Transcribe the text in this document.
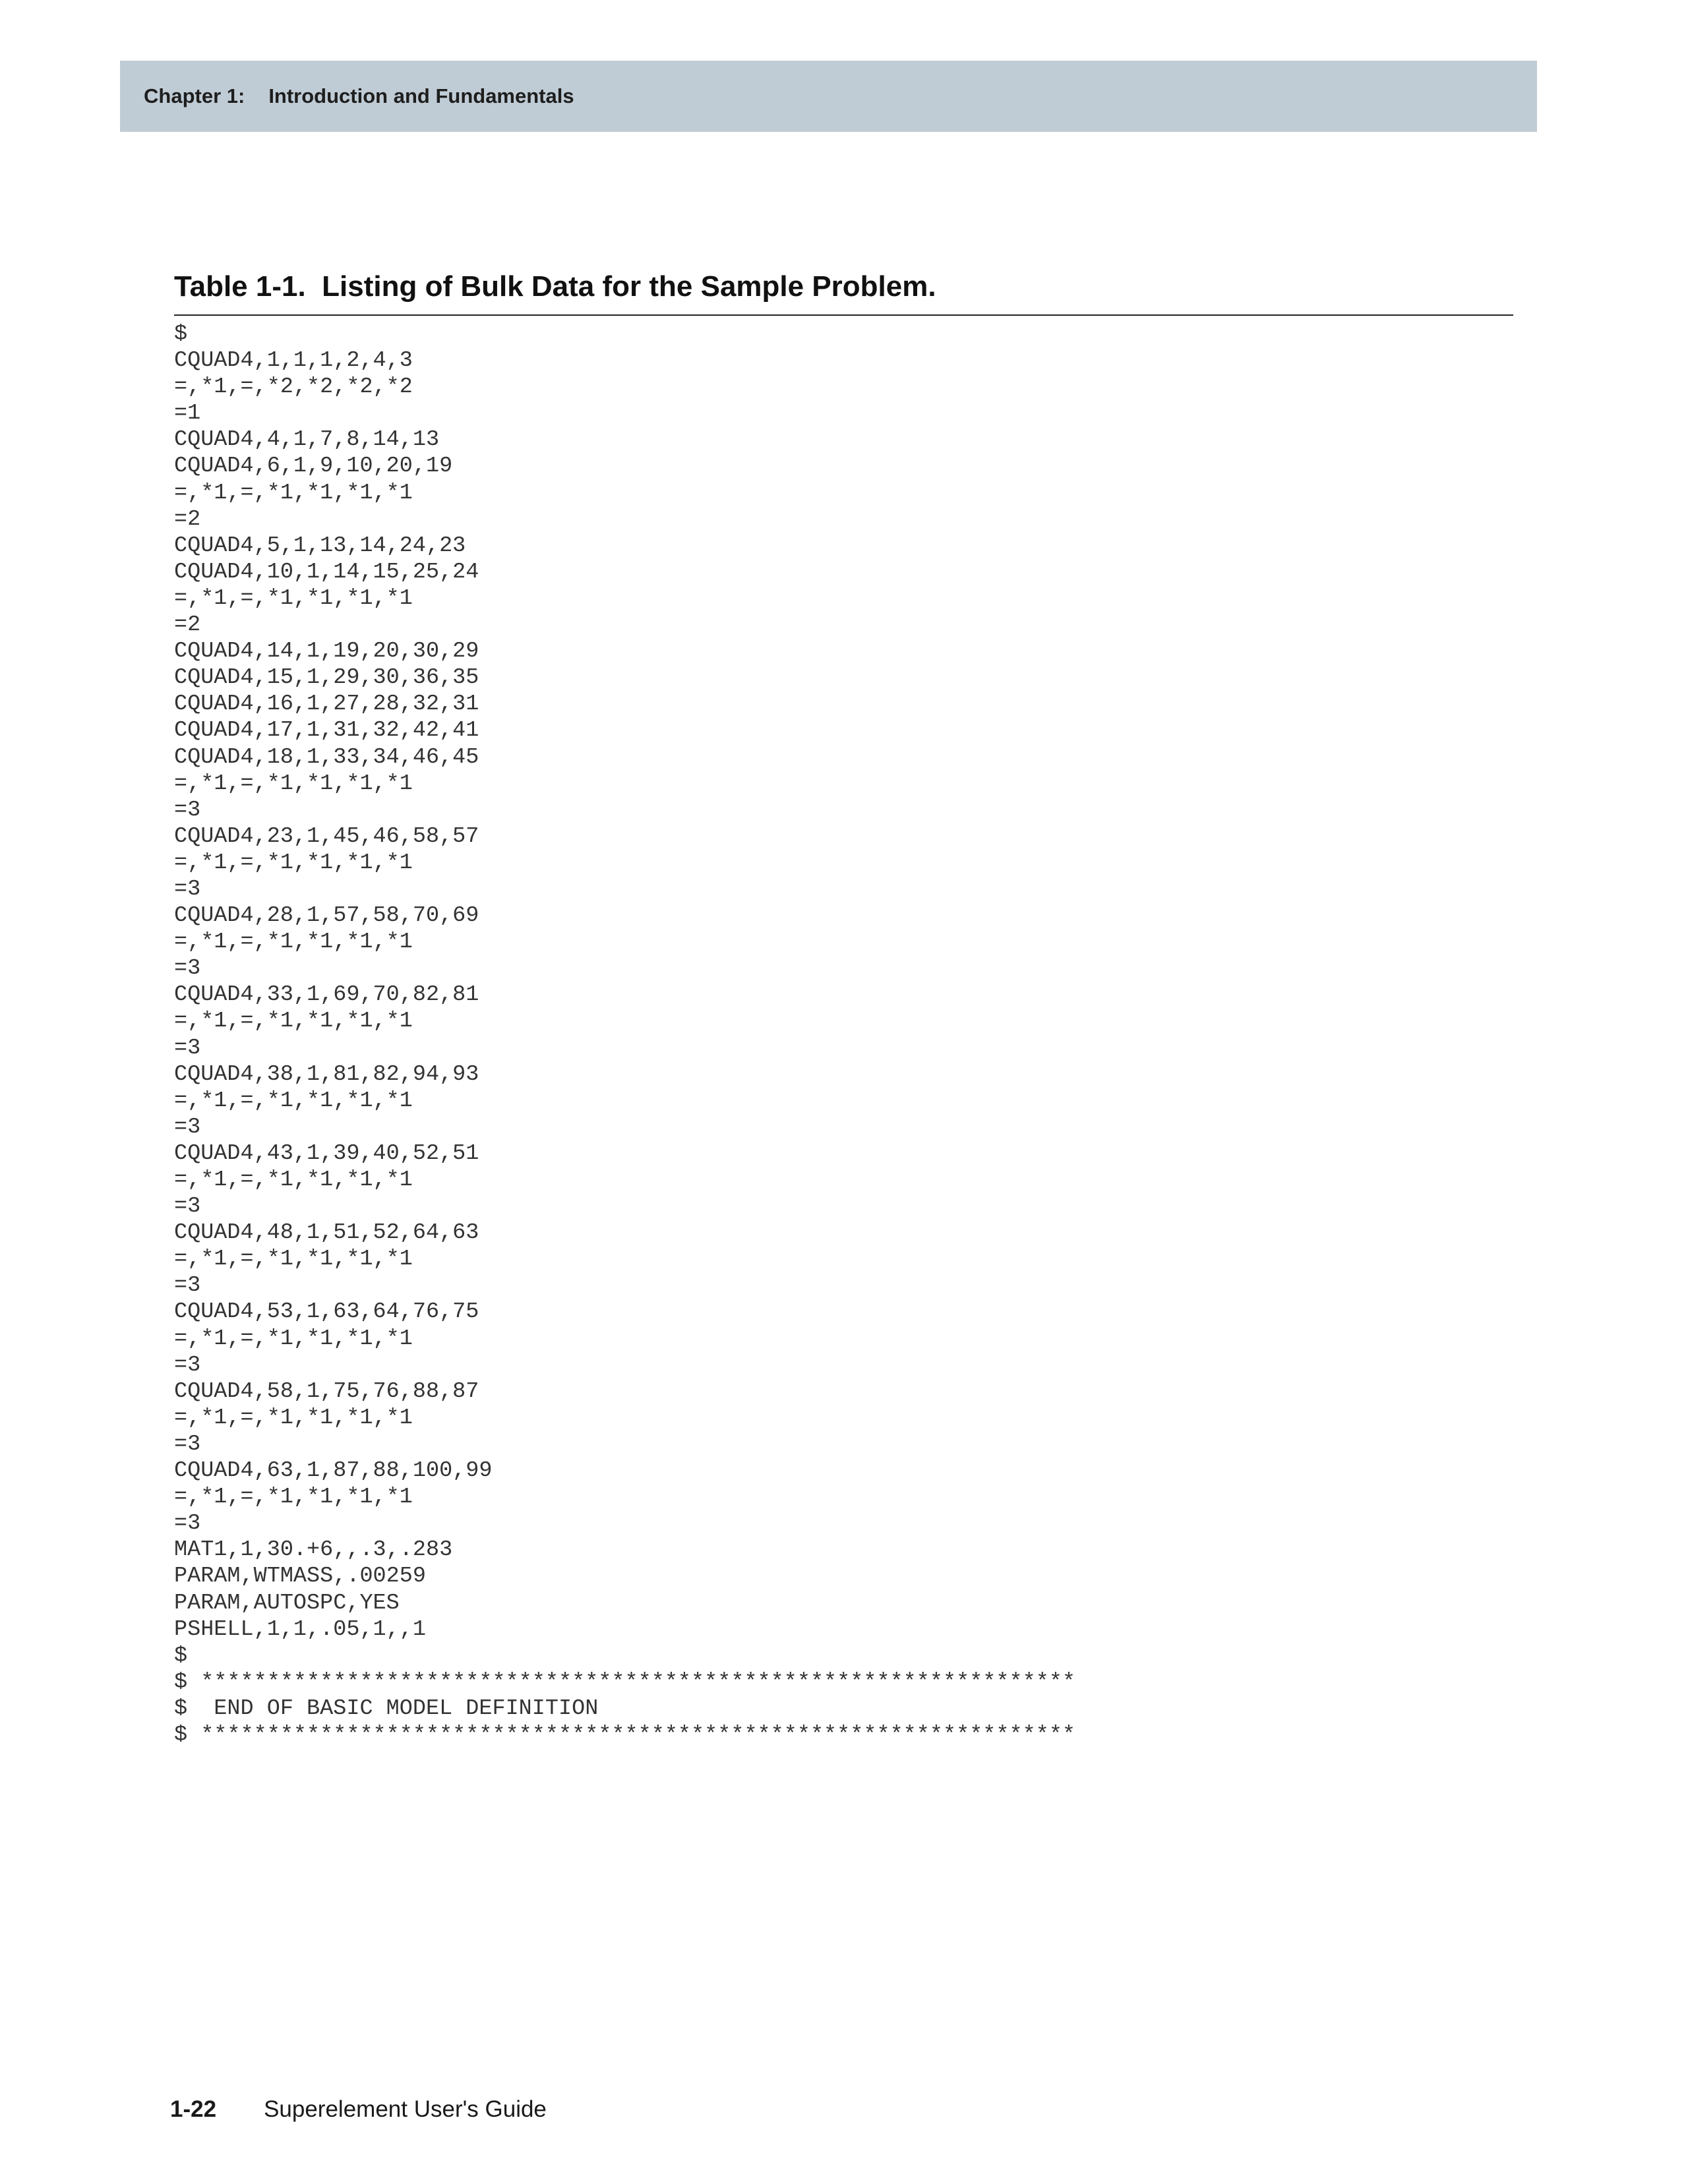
Chapter 1: Introduction and Fundamentals
Table 1-1.  Listing of Bulk Data for the Sample Problem.
$
CQUAD4,1,1,1,2,4,3
=,*1,=,*2,*2,*2,*2
=1
CQUAD4,4,1,7,8,14,13
CQUAD4,6,1,9,10,20,19
=,*1,=,*1,*1,*1,*1
=2
CQUAD4,5,1,13,14,24,23
CQUAD4,10,1,14,15,25,24
=,*1,=,*1,*1,*1,*1
=2
CQUAD4,14,1,19,20,30,29
CQUAD4,15,1,29,30,36,35
CQUAD4,16,1,27,28,32,31
CQUAD4,17,1,31,32,42,41
CQUAD4,18,1,33,34,46,45
=,*1,=,*1,*1,*1,*1
=3
CQUAD4,23,1,45,46,58,57
=,*1,=,*1,*1,*1,*1
=3
CQUAD4,28,1,57,58,70,69
=,*1,=,*1,*1,*1,*1
=3
CQUAD4,33,1,69,70,82,81
=,*1,=,*1,*1,*1,*1
=3
CQUAD4,38,1,81,82,94,93
=,*1,=,*1,*1,*1,*1
=3
CQUAD4,43,1,39,40,52,51
=,*1,=,*1,*1,*1,*1
=3
CQUAD4,48,1,51,52,64,63
=,*1,=,*1,*1,*1,*1
=3
CQUAD4,53,1,63,64,76,75
=,*1,=,*1,*1,*1,*1
=3
CQUAD4,58,1,75,76,88,87
=,*1,=,*1,*1,*1,*1
=3
CQUAD4,63,1,87,88,100,99
=,*1,=,*1,*1,*1,*1
=3
MAT1,1,30.+6,,.3,.283
PARAM,WTMASS,.00259
PARAM,AUTOSPC,YES
PSHELL,1,1,.05,1,,1
$
$ ******************************************************************
$  END OF BASIC MODEL DEFINITION
$ ******************************************************************
1-22 Superelement User's Guide
